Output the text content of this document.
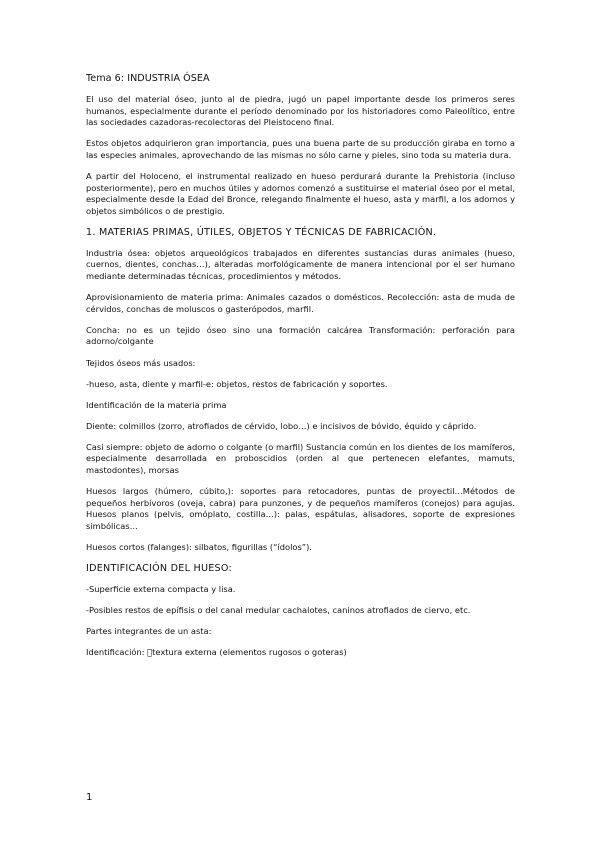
Tema 6: INDUSTRIA ÓSEA

El uso del material óseo, junto al de piedra, jugó un papel importante desde los primeros seres humanos, especialmente durante el período denominado por los historiadores como Paleolítico, entre las sociedades cazadoras-recolectoras del Pleistoceno final.

Estos objetos adquirieron gran importancia, pues una buena parte de su producción giraba en torno a las especies animales, aprovechando de las mismas no sólo carne y pieles, sino toda su materia dura.

A partir del Holoceno, el instrumental realizado en hueso perdurará durante la Prehistoria (incluso posteriormente), pero en muchos útiles y adornos comenzó a sustituirse el material óseo por el metal, especialmente desde la Edad del Bronce, relegando finalmente el hueso, asta y marfil, a los adornos y objetos simbólicos o de prestigio.

1. MATERIAS PRIMAS, ÚTILES, OBJETOS Y TÉCNICAS DE FABRICACIÓN.

Industria ósea: objetos arqueológicos trabajados en diferentes sustancias duras animales (hueso, cuernos, dientes, conchas…), alteradas morfológicamente de manera intencional por el ser humano mediante determinadas técnicas, procedimientos y métodos.

Aprovisionamiento de materia prima: Animales cazados o domésticos. Recolección: asta de muda de cérvidos, conchas de moluscos o gasterópodos, marfil.

Concha: no es un tejido óseo sino una formación calcárea Transformación: perforación para adorno/colgante

Tejidos óseos más usados:

-hueso, asta, diente y marfil-e: objetos, restos de fabricación y soportes.

Identificación de la materia prima

Diente: colmillos (zorro, atrofiados de cérvido, lobo…) e incisivos de bóvido, équido y cáprido.

Casi siempre: objeto de adorno o colgante (o marfil) Sustancia común en los dientes de los mamíferos, especialmente desarrollada en proboscidios (orden al que pertenecen elefantes, mamuts, mastodontes), morsas

Huesos largos (húmero, cúbito,): soportes para retocadores, puntas de proyectil…Métodos de pequeños herbívoros (oveja, cabra) para punzones, y de pequeños mamíferos (conejos) para agujas. Huesos planos (pelvis, omóplato, costilla…): palas, espátulas, alisadores, soporte de expresiones simbólicas…

Huesos cortos (falanges): silbatos, figurillas (“ídolos”).

IDENTIFICACIÓN DEL HUESO:

-Superficie externa compacta y lisa.

-Posibles restos de epífisis o del canal medular cachalotes, caninos atrofiados de ciervo, etc.

Partes integrantes de un asta:

Identificación:  textura externa (elementos rugosos o goteras)

1
